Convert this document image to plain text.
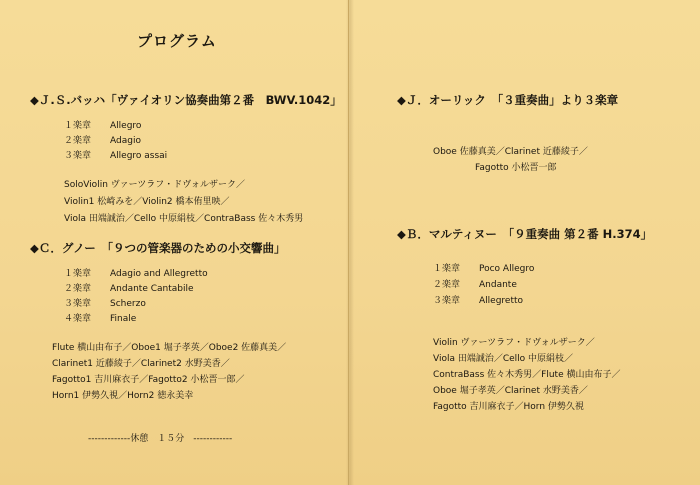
プログラム
◆Ｊ.Ｓ.バッハ「ヴァイオリン協奏曲第２番　BWV.1042」
１楽章 Allegro
２楽章 Adagio
３楽章 Allegro assai
SoloViolin ヴァーツラフ・ドヴォルザーク／
Violin1 松崎みを／Violin2 橋本侑里映／
Viola 田端誠治／Cello 中原絹枝／ContraBass 佐々木秀男
◆Ｃ．グノー　「９つの管楽器のための小交響曲」
１楽章 Adagio and Allegretto
２楽章 Andante Cantabile
３楽章 Scherzo
４楽章 Finale
Flute 横山由布子／Oboe1 堀子孝英／Oboe2 佐藤真美／
Clarinet1 近藤綾子／Clarinet2 水野美香／
Fagotto1 吉川麻衣子／Fagotto2 小松晋一郎／
Horn1 伊勢久視／Horn2 徳永美幸
-------------休憩　１５分　------------
◆Ｊ．オーリック　「３重奏曲」より３楽章
Oboe 佐藤真美／Clarinet 近藤綾子／
Fagotto 小松晋一郎
◆Ｂ．マルティヌー　「９重奏曲 第２番 H.374」
１楽章 Poco Allegro
２楽章 Andante
３楽章 Allegretto
Violin ヴァーツラフ・ドヴォルザーク／
Viola 田端誠治／Cello 中原絹枝／
ContraBass 佐々木秀男／Flute 横山由布子／
Oboe 堀子孝英／Clarinet 水野美香／
Fagotto 吉川麻衣子／Horn 伊勢久視
